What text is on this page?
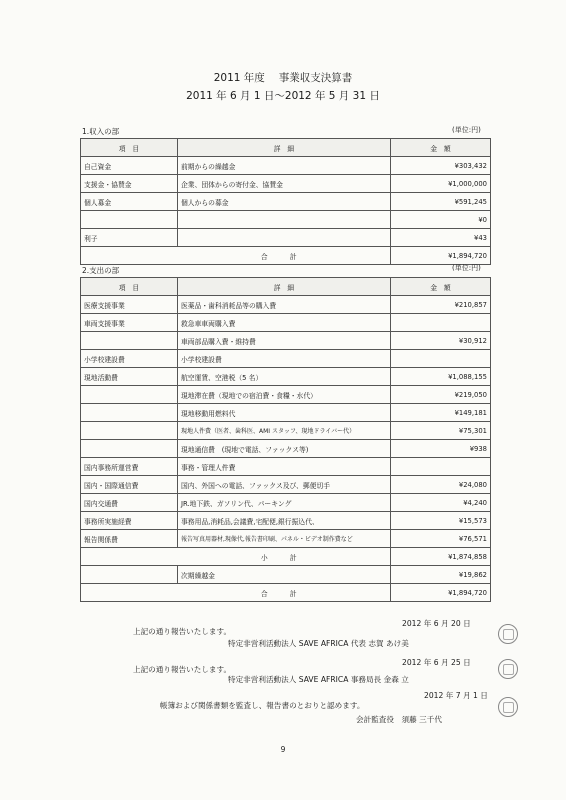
2011 年度 事業収支決算書
2011 年 6 月 1 日〜2012 年 5 月 31 日
1.収入の部	(単位:円)
項　目	詳　細	金　額
自己資金	前期からの繰越金	¥303,432
支援金・協賛金	企業、団体からの寄付金、協賛金	¥1,000,000
個人募金	個人からの募金	¥591,245
		¥0
利子		¥43
	合 計	¥1,894,720
2.支出の部	(単位:円)
項　目	詳　細	金　額
医療支援事業	医薬品・歯科消耗品等の購入費	¥210,857
車両支援事業	救急車車両購入費	
	車両部品購入費・維持費	¥30,912
小学校建設費	小学校建設費	
現地活動費	航空運賃、空港税（5 名）	¥1,088,155
	現地滞在費（現地での宿泊費・食糧・水代）	¥219,050
	現地移動用燃料代	¥149,181
	現地人件費（医者、歯科医、AMI スタッフ、現地ドライバー代）	¥75,301
	現地通信費　(現地で電話、ファックス等)	¥938
国内事務所運営費	事務・管理人件費	
国内・国際通信費	国内、外国への電話、ファックス及び、郵便切手	¥24,080
国内交通費	JR.地下鉄、ガソリン代、パーキング	¥4,240
事務所実施経費	事務用品,消耗品,会議費,宅配便,銀行振込代、	¥15,573
報告関係費	報告写真用器材,現像代,報告書印刷、パネル・ビデオ制作費など	¥76,571
	小 計	¥1,874,858
	次期繰越金	¥19,862
	合 計	¥1,894,720
上記の通り報告いたします。
2012 年 6 月 20 日
特定非営利活動法人 SAVE AFRICA 代表 志賀 あけ美
上記の通り報告いたします。
2012 年 6 月 25 日
特定非営利活動法人 SAVE AFRICA 事務局長 金森 立
帳簿および関係書類を監査し、報告書のとおりと認めます。
2012 年 7 月 1 日
会計監査役　須藤 三千代
9
